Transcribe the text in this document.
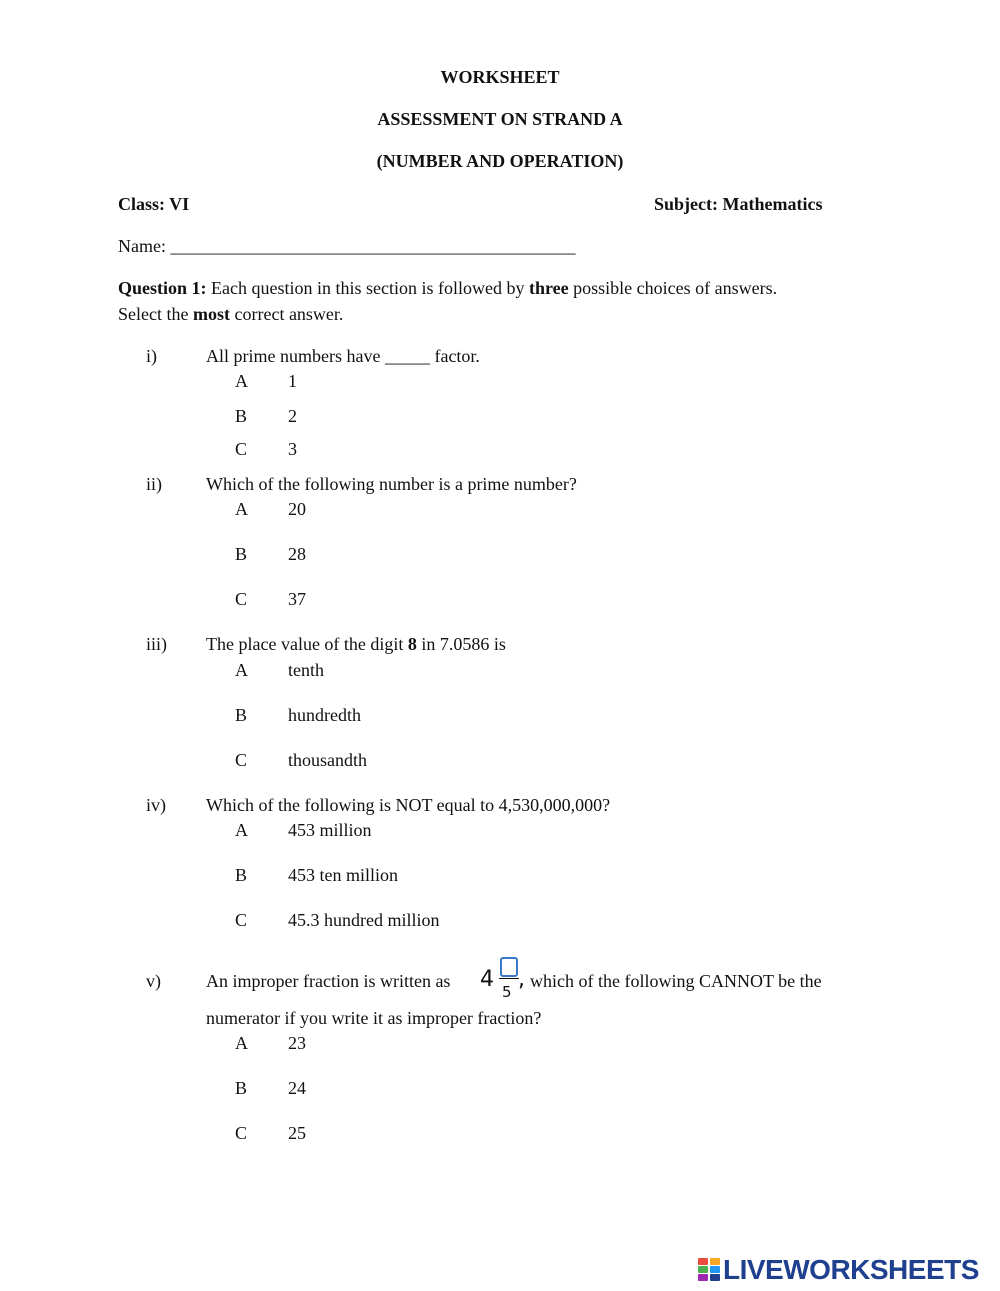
WORKSHEET
ASSESSMENT ON STRAND A
(NUMBER AND OPERATION)
Class: VI	Subject: Mathematics
Name: _____________________________________________
Question 1: Each question in this section is followed by three possible choices of answers.
Select the most correct answer.
i)	All prime numbers have _____ factor.
A 1
B 2
C 3
ii) Which of the following number is a prime number?
A 20
B 28
C 37
iii) The place value of the digit 8 in 7.0586 is
A tenth
B hundredth
C thousandth
iv) Which of the following is NOT equal to 4,530,000,000?
A 453 million
B 453 ten million
C 45.3 hundred million
v)	An improper fraction is written as 4 5 , which of the following CANNOT be the
numerator if you write it as improper fraction?
A 23
B 24
C 25
LIVEWORKSHEETS
